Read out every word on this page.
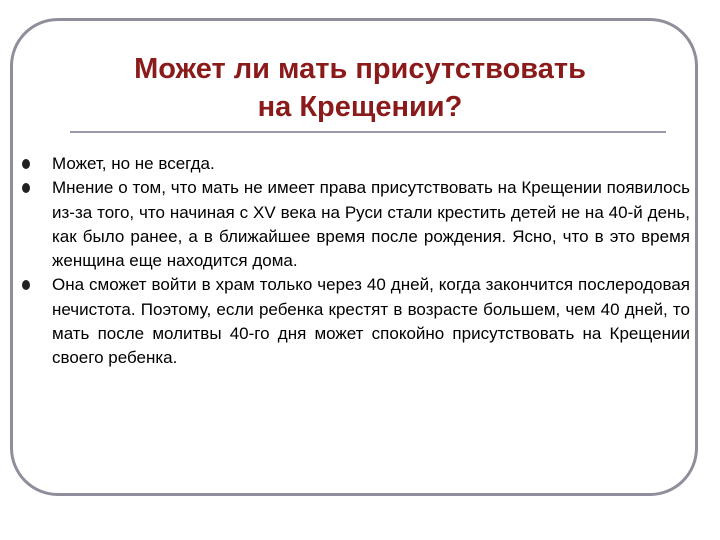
Может ли мать присутствовать
на Крещении?
Может, но не всегда.
Мнение о том, что мать не имеет права присутствовать на Крещении появилось из-за того, что начиная с XV века на Руси стали крестить детей не на 40-й день, как было ранее, а в ближайшее время после рождения. Ясно, что в это время женщина еще находится дома.
Она сможет войти в храм только через 40 дней, когда закончится послеродовая нечистота. Поэтому, если ребенка крестят в возрасте большем, чем 40 дней, то мать после молитвы 40-го дня может спокойно присутствовать на Крещении своего ребенка.
